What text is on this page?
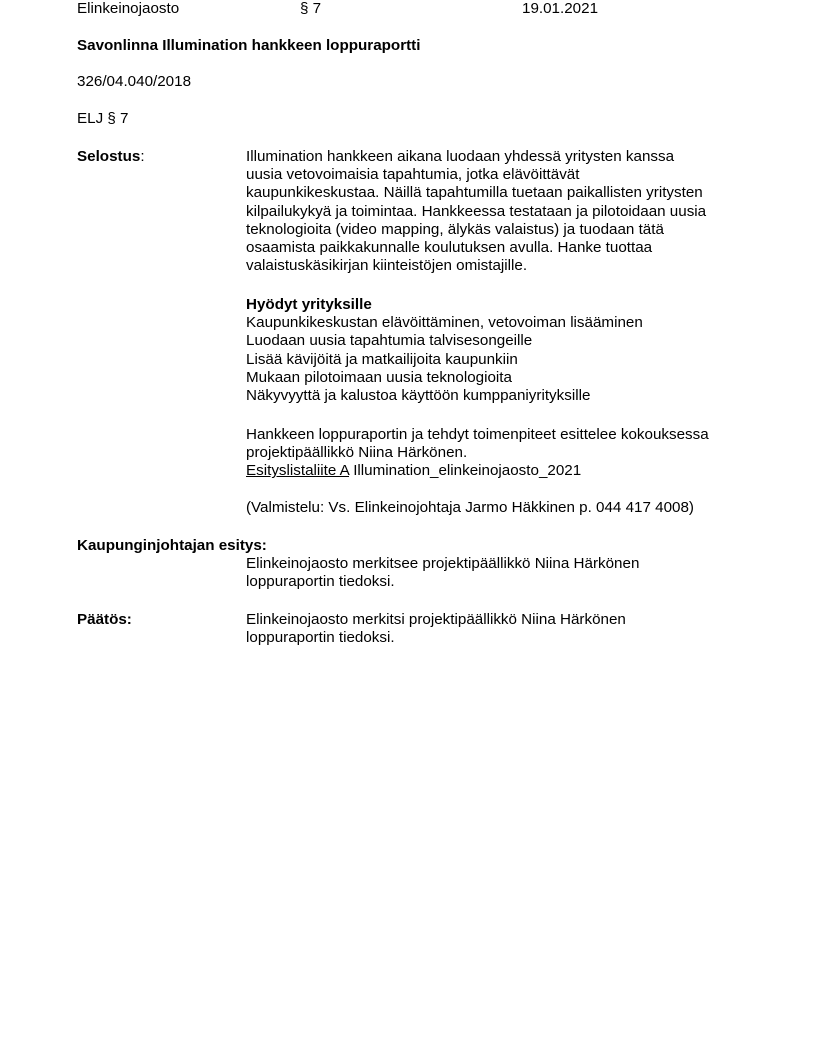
Elinkeinojaosto	§ 7	19.01.2021
Savonlinna Illumination hankkeen loppuraportti
326/04.040/2018
ELJ § 7
Selostus:	Illumination hankkeen aikana luodaan yhdessä yritysten kanssa
uusia vetovoimaisia tapahtumia, jotka elävöittävät
kaupunkikeskustaa. Näillä tapahtumilla tuetaan paikallisten yritysten
kilpailukykyä ja toimintaa. Hankkeessa testataan ja pilotoidaan uusia
teknologioita (video mapping, älykäs valaistus) ja tuodaan tätä
osaamista paikkakunnalle koulutuksen avulla. Hanke tuottaa
valaistuskäsikirjan kiinteistöjen omistajille.
Hyödyt yrityksille
Kaupunkikeskustan elävöittäminen, vetovoiman lisääminen
Luodaan uusia tapahtumia talvisesongeille
Lisää kävijöitä ja matkailijoita kaupunkiin
Mukaan pilotoimaan uusia teknologioita
Näkyvyyttä ja kalustoa käyttöön kumppaniyrityksille
Hankkeen loppuraportin ja tehdyt toimenpiteet esittelee kokouksessa
projektipäällikkö Niina Härkönen.
Esityslistaliite A Illumination_elinkeinojaosto_2021
(Valmistelu: Vs. Elinkeinojohtaja Jarmo Häkkinen p. 044 417 4008)
Kaupunginjohtajan esitys:
Elinkeinojaosto merkitsee projektipäällikkö Niina Härkönen
loppuraportin tiedoksi.
Päätös:	Elinkeinojaosto merkitsi projektipäällikkö Niina Härkönen
loppuraportin tiedoksi.
